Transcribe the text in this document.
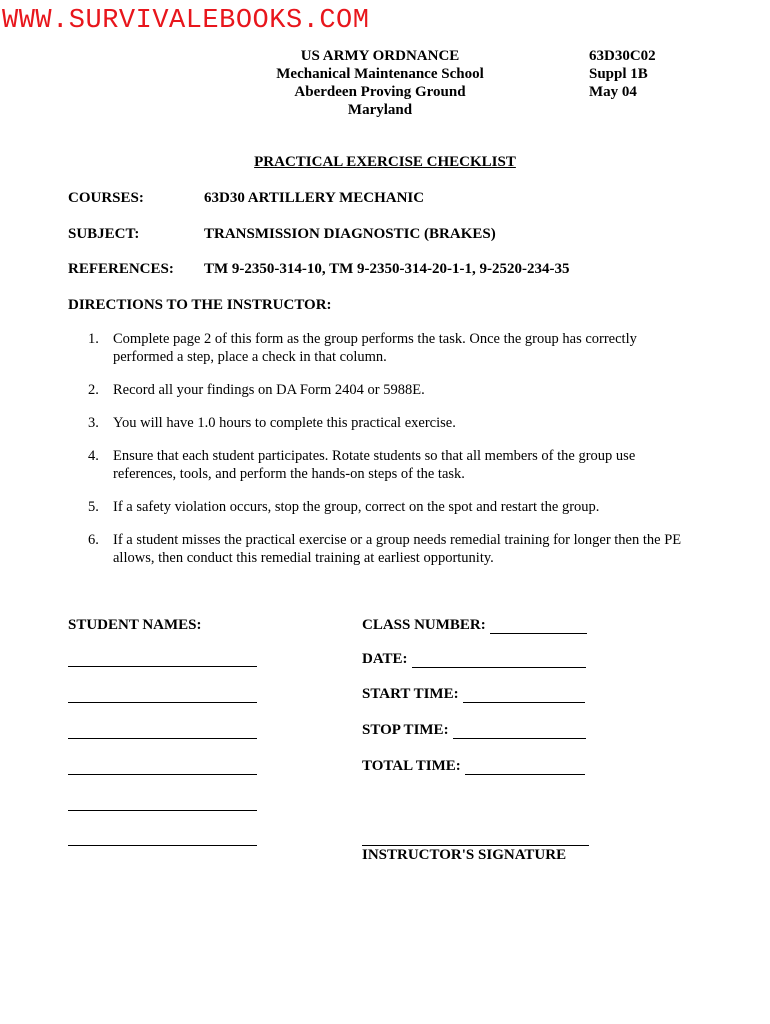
WWW.SURVIVALEBOOKS.COM
US ARMY ORDNANCE
Mechanical Maintenance School
Aberdeen Proving Ground
Maryland
63D30C02
Suppl 1B
May 04
PRACTICAL EXERCISE CHECKLIST
COURSES:	63D30 ARTILLERY MECHANIC
SUBJECT:	TRANSMISSION DIAGNOSTIC (BRAKES)
REFERENCES: TM 9-2350-314-10, TM 9-2350-314-20-1-1, 9-2520-234-35
DIRECTIONS TO THE INSTRUCTOR:
1. Complete page 2 of this form as the group performs the task. Once the group has correctly performed a step, place a check in that column.
2. Record all your findings on DA Form 2404 or 5988E.
3. You will have 1.0 hours to complete this practical exercise.
4. Ensure that each student participates. Rotate students so that all members of the group use references, tools, and perform the hands-on steps of the task.
5. If a safety violation occurs, stop the group, correct on the spot and restart the group.
6. If a student misses the practical exercise or a group needs remedial training for longer then the PE allows, then conduct this remedial training at earliest opportunity.
STUDENT NAMES:	CLASS NUMBER:
DATE:
START TIME:
STOP TIME:
TOTAL TIME:
INSTRUCTOR'S SIGNATURE
